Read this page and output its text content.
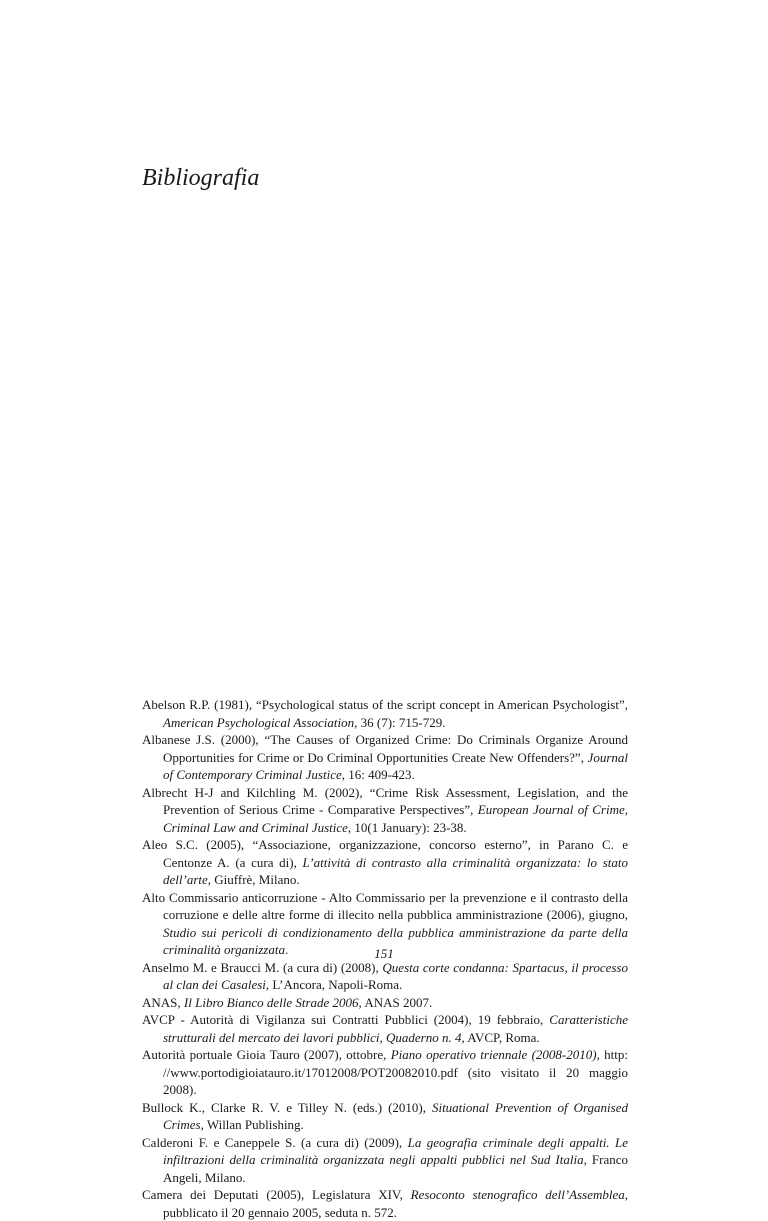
Bibliografia
Abelson R.P. (1981), “Psychological status of the script concept in American Psychologist”, American Psychological Association, 36 (7): 715-729.
Albanese J.S. (2000), “The Causes of Organized Crime: Do Criminals Organize Around Opportunities for Crime or Do Criminal Opportunities Create New Offenders?”, Journal of Contemporary Criminal Justice, 16: 409-423.
Albrecht H-J and Kilchling M. (2002), “Crime Risk Assessment, Legislation, and the Prevention of Serious Crime - Comparative Perspectives”, European Journal of Crime, Criminal Law and Criminal Justice, 10(1 January): 23-38.
Aleo S.C. (2005), “Associazione, organizzazione, concorso esterno”, in Parano C. e Centonze A. (a cura di), L’attività di contrasto alla criminalità organizzata: lo stato dell’arte, Giuffrè, Milano.
Alto Commissario anticorruzione - Alto Commissario per la prevenzione e il contrasto della corruzione e delle altre forme di illecito nella pubblica amministrazione (2006), giugno, Studio sui pericoli di condizionamento della pubblica amministrazione da parte della criminalità organizzata.
Anselmo M. e Braucci M. (a cura di) (2008), Questa corte condanna: Spartacus, il processo al clan dei Casalesi, L’Ancora, Napoli-Roma.
ANAS, Il Libro Bianco delle Strade 2006, ANAS 2007.
AVCP - Autorità di Vigilanza sui Contratti Pubblici (2004), 19 febbraio, Caratteristiche strutturali del mercato dei lavori pubblici, Quaderno n. 4, AVCP, Roma.
Autorità portuale Gioia Tauro (2007), ottobre, Piano operativo triennale (2008-2010), http: //www.portodigioiatauro.it/17012008/POT20082010.pdf (sito visitato il 20 maggio 2008).
Bullock K., Clarke R. V. e Tilley N. (eds.) (2010), Situational Prevention of Organised Crimes, Willan Publishing.
Calderoni F. e Caneppele S. (a cura di) (2009), La geografia criminale degli appalti. Le infiltrazioni della criminalità organizzata negli appalti pubblici nel Sud Italia, Franco Angeli, Milano.
Camera dei Deputati (2005), Legislatura XIV, Resoconto stenografico dell’Assemblea, pubblicato il 20 gennaio 2005, seduta n. 572.
151
